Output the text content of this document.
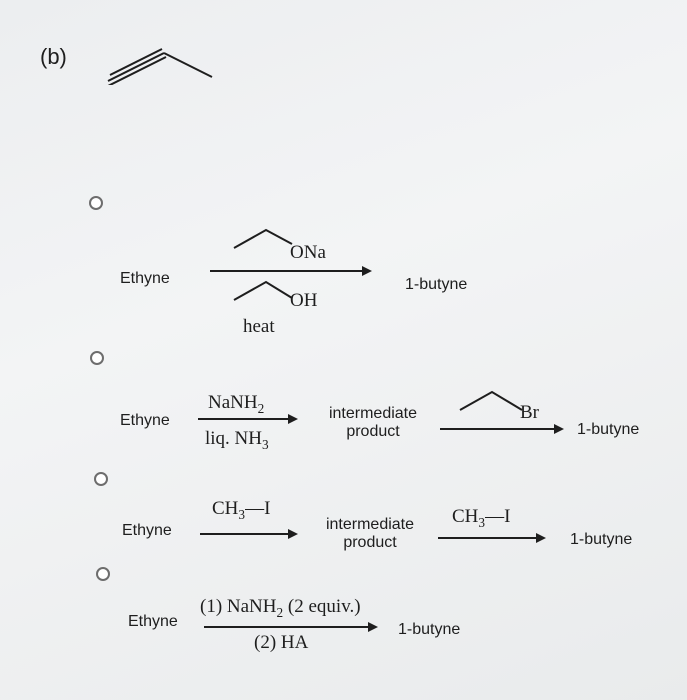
(b)
Ethyne
ONa
OH
heat
1-butyne
Ethyne
NaNH$_2$
liq. $NH_3$
intermediate
product
Br
1-butyne
Ethyne
$CH_3—I$
intermediate
product
$CH_3—I$
1-butyne
Ethyne
(1) NaNH$_2$ (2 equiv.)
(2) HA
1-butyne
